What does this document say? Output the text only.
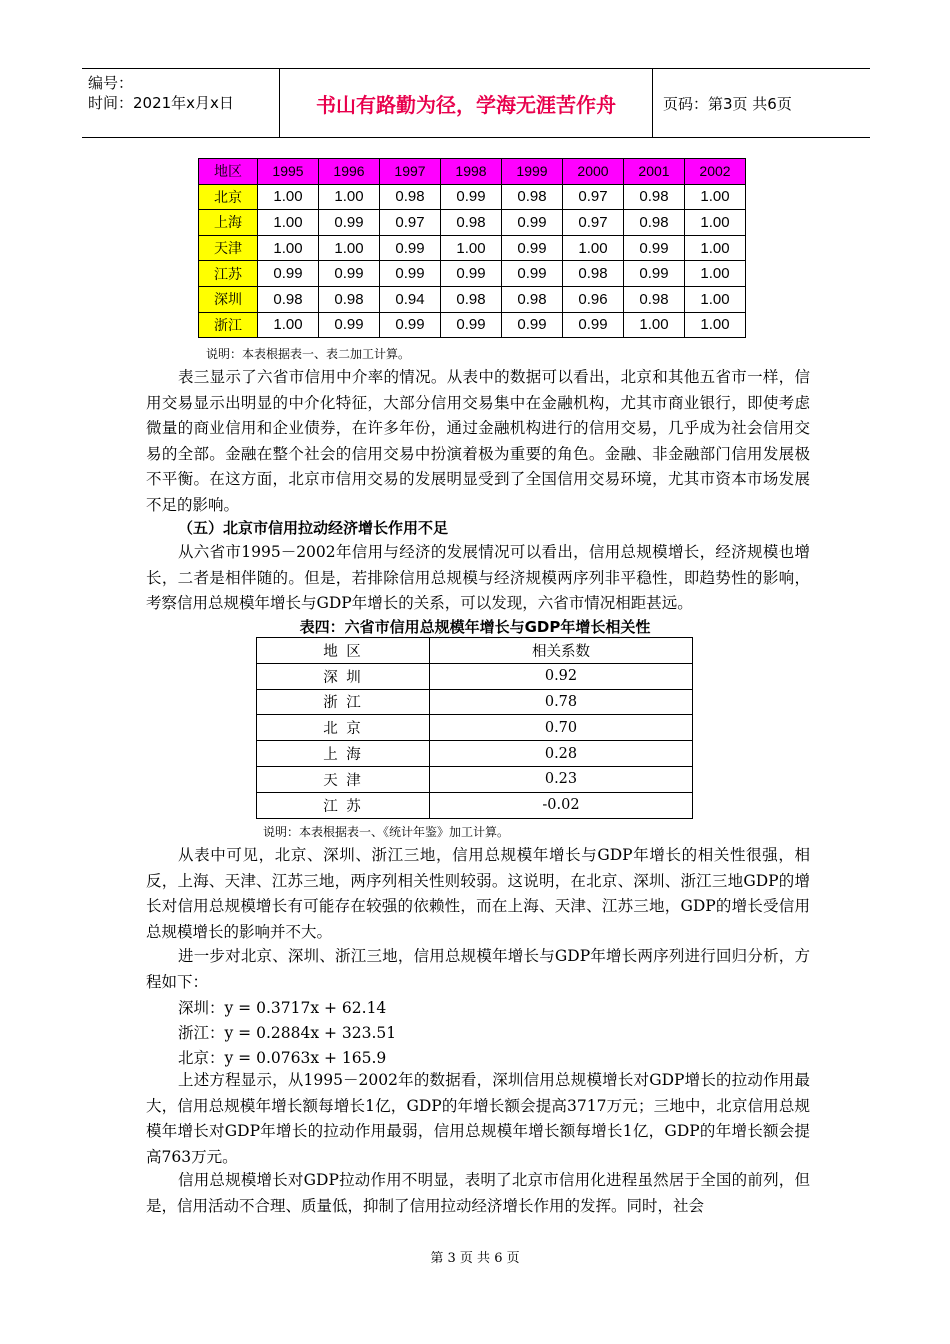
编号：
时间：2021年x月x日	书山有路勤为径，学海无涯苦作舟	页码：第3页 共6页
地区	1995	1996	1997	1998	1999	2000	2001	2002
北京	1.00	1.00	0.98	0.99	0.98	0.97	0.98	1.00
上海	1.00	0.99	0.97	0.98	0.99	0.97	0.98	1.00
天津	1.00	1.00	0.99	1.00	0.99	1.00	0.99	1.00
江苏	0.99	0.99	0.99	0.99	0.99	0.98	0.99	1.00
深圳	0.98	0.98	0.94	0.98	0.98	0.96	0.98	1.00
浙江	1.00	0.99	0.99	0.99	0.99	0.99	1.00	1.00
说明：本表根据表一、表二加工计算。

表三显示了六省市信用中介率的情况。从表中的数据可以看出，北京和其他五省市一样，信用交易显示出明显的中介化特征，大部分信用交易集中在金融机构，尤其市商业银行，即使考虑微量的商业信用和企业债券，在许多年份，通过金融机构进行的信用交易，几乎成为社会信用交易的全部。金融在整个社会的信用交易中扮演着极为重要的角色。金融、非金融部门信用发展极不平衡。在这方面，北京市信用交易的发展明显受到了全国信用交易环境，尤其市资本市场发展不足的影响。

（五）北京市信用拉动经济增长作用不足

从六省市1995－2002年信用与经济的发展情况可以看出，信用总规模增长，经济规模也增长，二者是相伴随的。但是，若排除信用总规模与经济规模两序列非平稳性，即趋势性的影响，考察信用总规模年增长与GDP年增长的关系，可以发现，六省市情况相距甚远。

表四：六省市信用总规模年增长与GDP年增长相关性
地 区	相关系数
深 圳	0.92
浙 江	0.78
北 京	0.70
上 海	0.28
天 津	0.23
江 苏	-0.02
说明：本表根据表一、《统计年鉴》加工计算。

从表中可见，北京、深圳、浙江三地，信用总规模年增长与GDP年增长的相关性很强，相反，上海、天津、江苏三地，两序列相关性则较弱。这说明，在北京、深圳、浙江三地GDP的增长对信用总规模增长有可能存在较强的依赖性，而在上海、天津、江苏三地，GDP的增长受信用总规模增长的影响并不大。

进一步对北京、深圳、浙江三地，信用总规模年增长与GDP年增长两序列进行回归分析，方程如下：

深圳：y = 0.3717x + 62.14
浙江：y = 0.2884x + 323.51
北京：y = 0.0763x + 165.9

上述方程显示，从1995－2002年的数据看，深圳信用总规模增长对GDP增长的拉动作用最大，信用总规模年增长额每增长1亿，GDP的年增长额会提高3717万元；三地中，北京信用总规模年增长对GDP年增长的拉动作用最弱，信用总规模年增长额每增长1亿，GDP的年增长额会提高763万元。

信用总规模增长对GDP拉动作用不明显，表明了北京市信用化进程虽然居于全国的前列，但是，信用活动不合理、质量低，抑制了信用拉动经济增长作用的发挥。同时，社会

第 3 页 共 6 页
